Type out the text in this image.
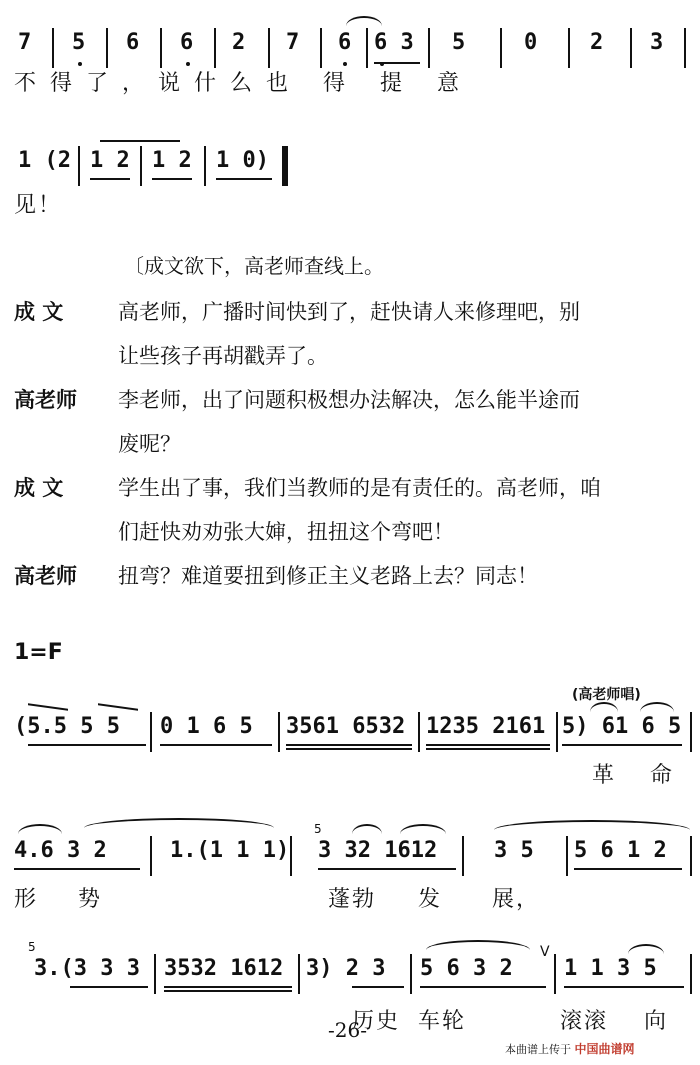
7 5 6 6 2 7 6 6 3 5	0 2 3
不得了，说什么也 得 提 意
1 (2 1 2 1 2 1 0)
见！
〔成文欲下，高老师查线上。
成 文	高老师，广播时间快到了，赶快请人来修理吧，别
让些孩子再胡戳弄了。
高老师 李老师，出了问题积极想办法解决，怎么能半途而
废呢？
成 文	学生出了事，我们当教师的是有责任的。高老师，咱
们赶快劝劝张大婶，扭扭这个弯吧！
高老师 扭弯？难道要扭到修正主义老路上去？同志！
1=F
(高老师唱)
(5.5 5 5 0 1 6 5 3561 6532 1235 2161 5) 61 6 5
革 命
4.6 3 2	1.(1 1 1)
5
3 32 1612	3 5 5 6 1 2
形 势	蓬勃 发 展，
5
3.(3 3 3 3532 1612 3) 2 3 5 6 3 2
V
1 1 3 5
历史 车轮	滚滚 向
-26-
本曲谱上传于 中国曲谱网
